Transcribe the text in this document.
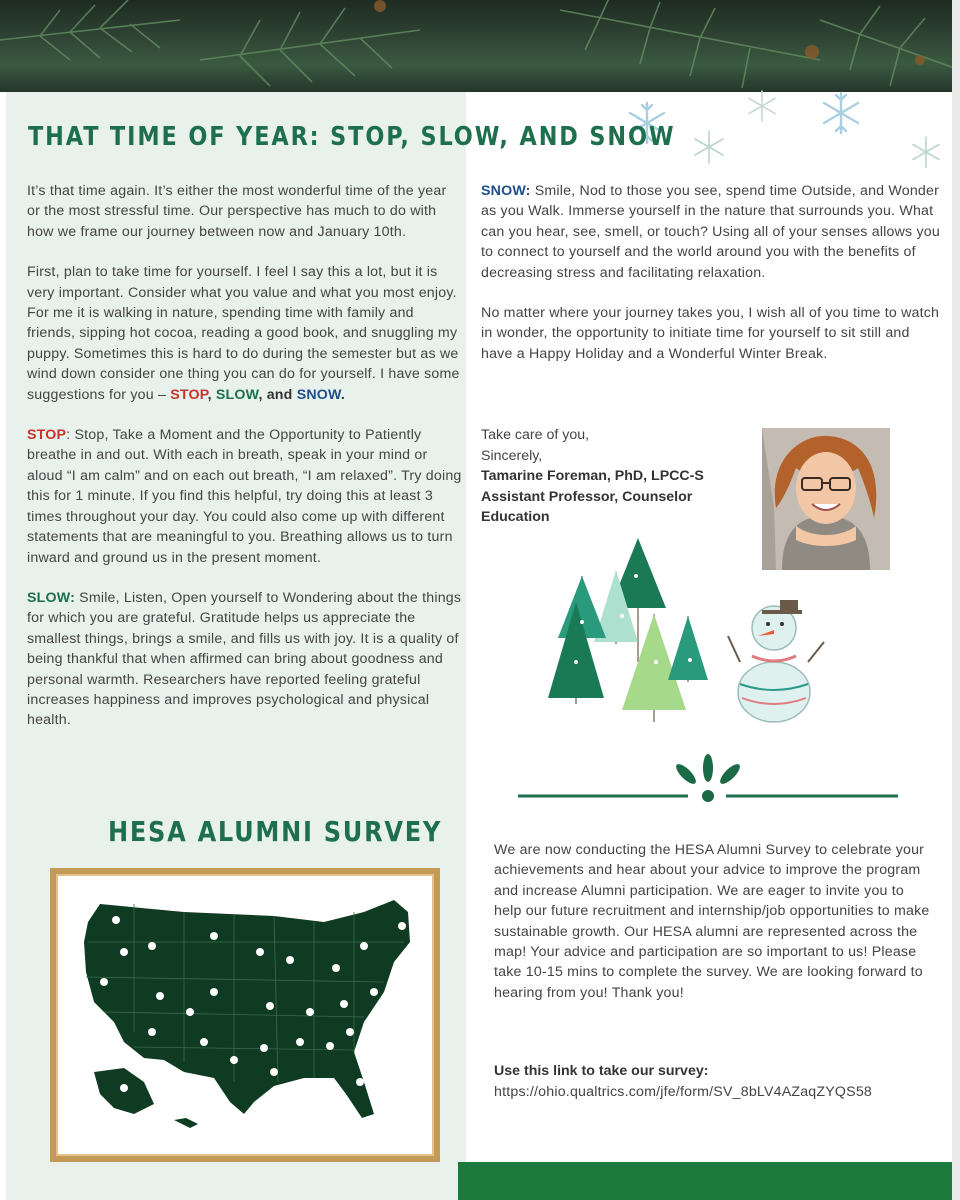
THAT TIME OF YEAR: STOP, SLOW, AND SNOW

It’s that time again. It’s either the most wonderful time of the year or the most stressful time. Our perspective has much to do with how we frame our journey between now and January 10th.

First, plan to take time for yourself. I feel I say this a lot, but it is very important. Consider what you value and what you most enjoy. For me it is walking in nature, spending time with family and friends, sipping hot cocoa, reading a good book, and snuggling my puppy. Sometimes this is hard to do during the semester but as we wind down consider one thing you can do for yourself. I have some suggestions for you – STOP, SLOW, and SNOW.

STOP: Stop, Take a Moment and the Opportunity to Patiently breathe in and out. With each in breath, speak in your mind or aloud “I am calm” and on each out breath, “I am relaxed”. Try doing this for 1 minute. If you find this helpful, try doing this at least 3 times throughout your day. You could also come up with different statements that are meaningful to you. Breathing allows us to turn inward and ground us in the present moment.

SLOW: Smile, Listen, Open yourself to Wondering about the things for which you are grateful. Gratitude helps us appreciate the smallest things, brings a smile, and fills us with joy. It is a quality of being thankful that when affirmed can bring about goodness and personal warmth. Researchers have reported feeling grateful increases happiness and improves psychological and physical health.

SNOW: Smile, Nod to those you see, spend time Outside, and Wonder as you Walk. Immerse yourself in the nature that surrounds you. What can you hear, see, smell, or touch? Using all of your senses allows you to connect to yourself and the world around you with the benefits of decreasing stress and facilitating relaxation.

No matter where your journey takes you, I wish all of you time to watch in wonder, the opportunity to initiate time for yourself to sit still and have a Happy Holiday and a Wonderful Winter Break.

Take care of you,
Sincerely,
Tamarine Foreman, PhD, LPCC-S
Assistant Professor, Counselor Education
HESA ALUMNI SURVEY
We are now conducting the HESA Alumni Survey to celebrate your achievements and hear about your advice to improve the program and increase Alumni participation. We are eager to invite you to help our future recruitment and internship/job opportunities to make sustainable growth. Our HESA alumni are represented across the map! Your advice and participation are so important to us! Please take 10-15 mins to complete the survey. We are looking forward to hearing from you! Thank you!
Use this link to take our survey:
https://ohio.qualtrics.com/jfe/form/SV_8bLV4AZaqZYQS58
